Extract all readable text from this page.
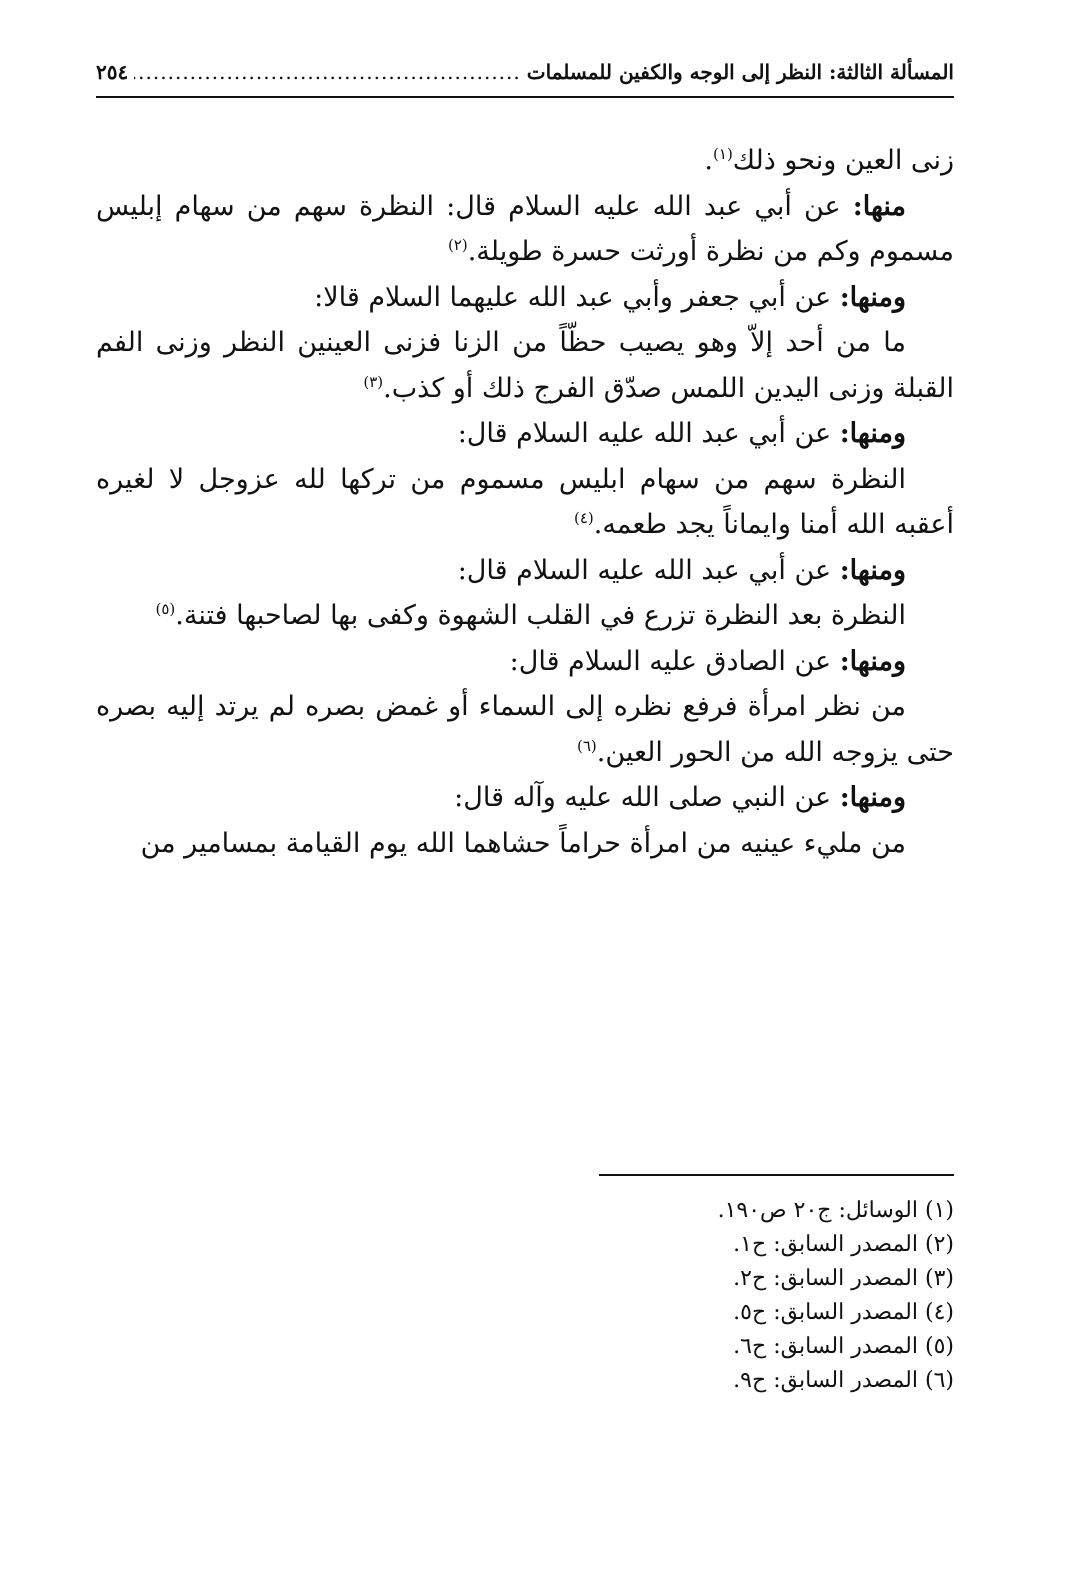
المسألة الثالثة: النظر إلى الوجه والكفين للمسلمات
.....
٢٥٤

زنى العين ونحو ذلك$^{(١)}$.

منها: عن أبي عبد الله عليه السلام قال: النظرة سهم من سهام إبليس مسموم وكم من نظرة أورثت حسرة طويلة.$^{(٢)}$

ومنها: عن أبي جعفر وأبي عبد الله عليهما السلام قالا:

ما من أحد إلاّ وهو يصيب حظّاً من الزنا فزنى العينين النظر وزنى الفم القبلة وزنى اليدين اللمس صدّق الفرج ذلك أو كذب.$^{(٣)}$

ومنها: عن أبي عبد الله عليه السلام قال:

النظرة سهم من سهام ابليس مسموم من تركها لله عزوجل لا لغيره أعقبه الله أمنا وايماناً يجد طعمه.$^{(٤)}$

ومنها: عن أبي عبد الله عليه السلام قال:

النظرة بعد النظرة تزرع في القلب الشهوة وكفى بها لصاحبها فتنة.$^{(٥)}$

ومنها: عن الصادق عليه السلام قال:

من نظر امرأة فرفع نظره إلى السماء أو غمض بصره لم يرتد إليه بصره حتى يزوجه الله من الحور العين.$^{(٦)}$

ومنها: عن النبي صلى الله عليه وآله قال:

من مليء عينيه من امرأة حراماً حشاهما الله يوم القيامة بمسامير من

(١) الوسائل: ج٢٠ ص١٩٠.
(٢) المصدر السابق: ح١.
(٣) المصدر السابق: ح٢.
(٤) المصدر السابق: ح٥.
(٥) المصدر السابق: ح٦.
(٦) المصدر السابق: ح٩.
